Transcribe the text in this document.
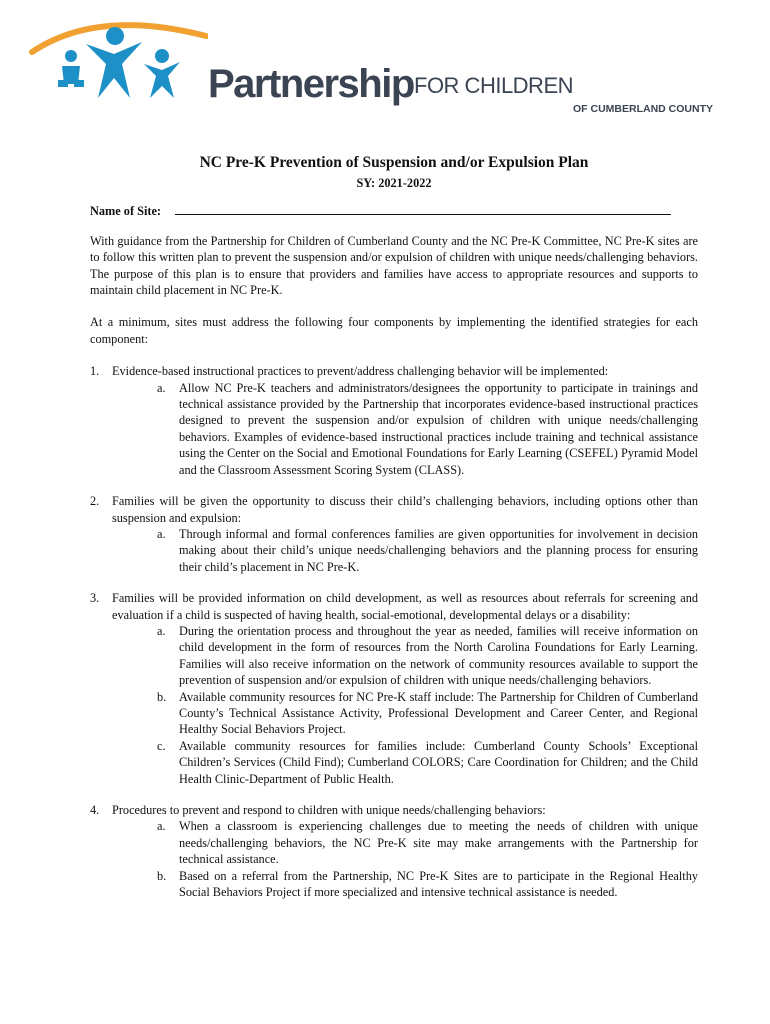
Partnership FOR CHILDREN
OF CUMBERLAND COUNTY
NC Pre-K Prevention of Suspension and/or Expulsion Plan
SY: 2021-2022
Name of Site:

With guidance from the Partnership for Children of Cumberland County and the NC Pre-K Committee, NC Pre-K sites are to follow this written plan to prevent the suspension and/or expulsion of children with unique needs/challenging behaviors. The purpose of this plan is to ensure that providers and families have access to appropriate resources and supports to maintain child placement in NC Pre-K.

At a minimum, sites must address the following four components by implementing the identified strategies for each component:

1. Evidence-based instructional practices to prevent/address challenging behavior will be implemented:
a. Allow NC Pre-K teachers and administrators/designees the opportunity to participate in trainings and technical assistance provided by the Partnership that incorporates evidence-based instructional practices designed to prevent the suspension and/or expulsion of children with unique needs/challenging behaviors. Examples of evidence-based instructional practices include training and technical assistance using the Center on the Social and Emotional Foundations for Early Learning (CSEFEL) Pyramid Model and the Classroom Assessment Scoring System (CLASS).
2. Families will be given the opportunity to discuss their child’s challenging behaviors, including options other than suspension and expulsion:
a. Through informal and formal conferences families are given opportunities for involvement in decision making about their child’s unique needs/challenging behaviors and the planning process for ensuring their child’s placement in NC Pre-K.
3. Families will be provided information on child development, as well as resources about referrals for screening and evaluation if a child is suspected of having health, social-emotional, developmental delays or a disability:
a. During the orientation process and throughout the year as needed, families will receive information on child development in the form of resources from the North Carolina Foundations for Early Learning. Families will also receive information on the network of community resources available to support the prevention of suspension and/or expulsion of children with unique needs/challenging behaviors.
b. Available community resources for NC Pre-K staff include: The Partnership for Children of Cumberland County’s Technical Assistance Activity, Professional Development and Career Center, and Regional Healthy Social Behaviors Project.
c. Available community resources for families include: Cumberland County Schools’ Exceptional Children’s Services (Child Find); Cumberland COLORS; Care Coordination for Children; and the Child Health Clinic-Department of Public Health.
4. Procedures to prevent and respond to children with unique needs/challenging behaviors:
a. When a classroom is experiencing challenges due to meeting the needs of children with unique needs/challenging behaviors, the NC Pre-K site may make arrangements with the Partnership for technical assistance.
b. Based on a referral from the Partnership, NC Pre-K Sites are to participate in the Regional Healthy Social Behaviors Project if more specialized and intensive technical assistance is needed.
